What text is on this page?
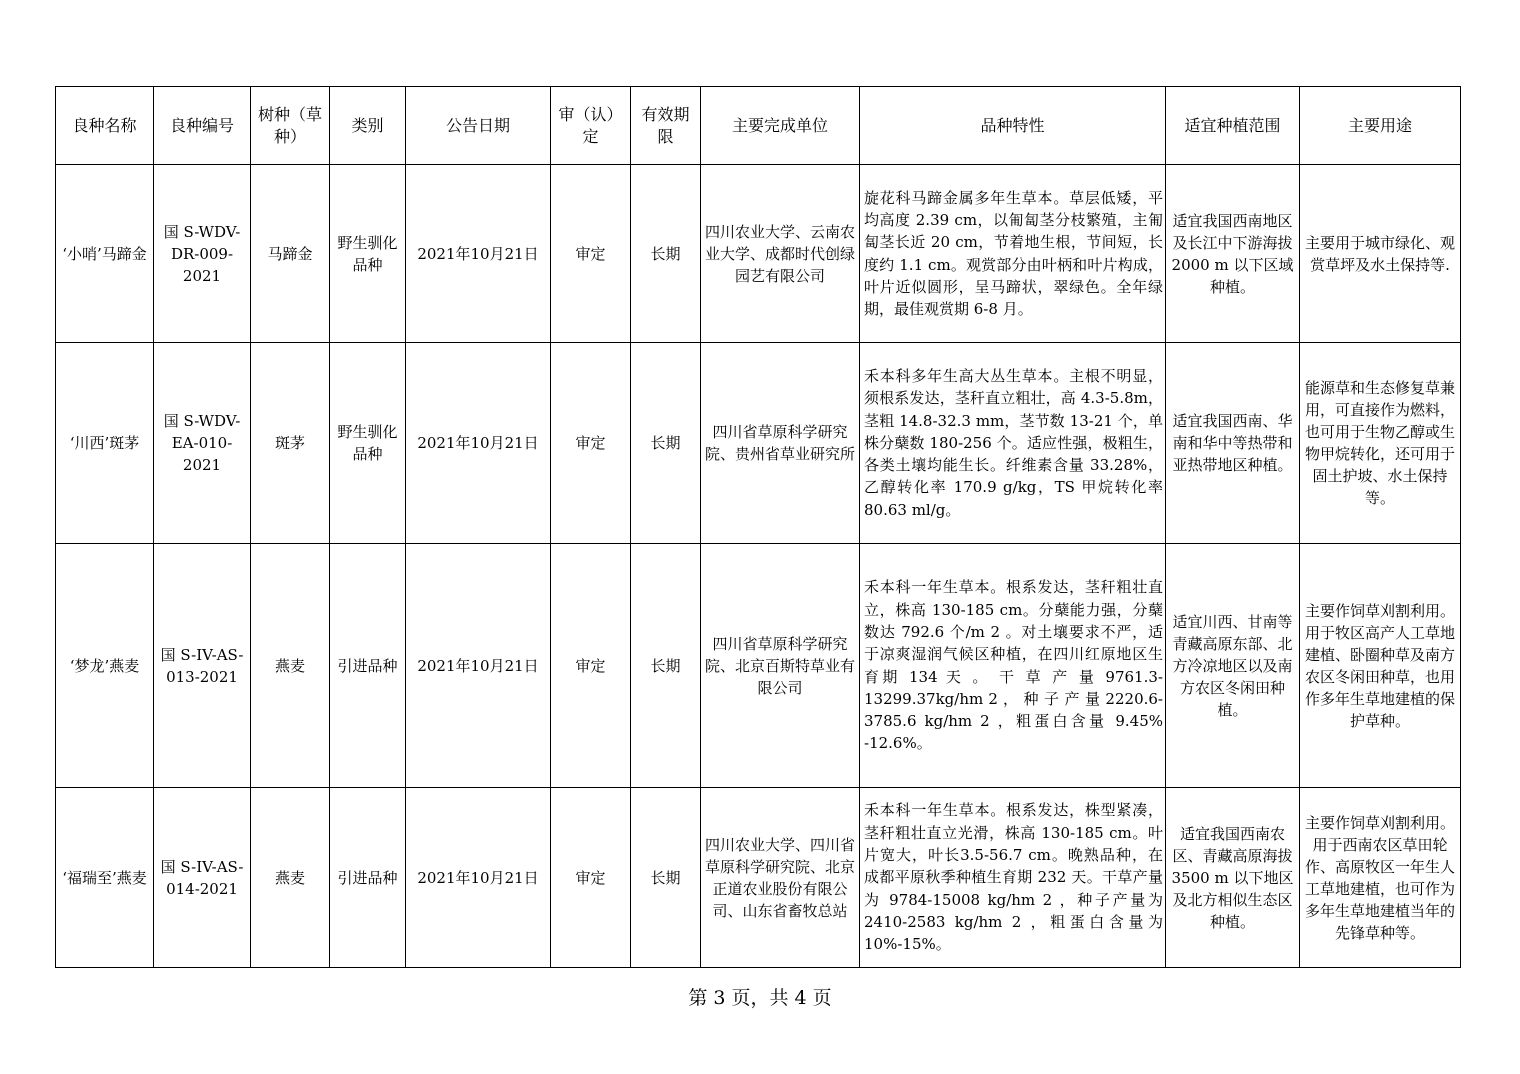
良种名称	良种编号	树种（草种）	类别	公告日期	审（认）定	有效期限	主要完成单位	品种特性	适宜种植范围	主要用途
‘小哨’马蹄金	国 S-WDV-DR-009-2021	马蹄金	野生驯化品种	2021年10月21日	审定	长期	四川农业大学、云南农业大学、成都时代创绿园艺有限公司	旋花科马蹄金属多年生草本。草层低矮，平均高度 2.39 cm，以匍匐茎分枝繁殖，主匍匐茎长近 20 cm，节着地生根，节间短，长度约 1.1 cm。观赏部分由叶柄和叶片构成，叶片近似圆形，呈马蹄状，翠绿色。全年绿期，最佳观赏期 6-8 月。	适宜我国西南地区及长江中下游海拔 2000 m 以下区域种植。	主要用于城市绿化、观赏草坪及水土保持等.
‘川西’斑茅	国 S-WDV-EA-010-2021	斑茅	野生驯化品种	2021年10月21日	审定	长期	四川省草原科学研究院、贵州省草业研究所	禾本科多年生高大丛生草本。主根不明显，须根系发达，茎秆直立粗壮，高 4.3-5.8m，茎粗 14.8-32.3 mm，茎节数 13-21 个，单株分蘖数 180-256 个。适应性强，极粗生，各类土壤均能生长。纤维素含量 33.28%，乙醇转化率 170.9 g/kg，TS 甲烷转化率 80.63 ml/g。	适宜我国西南、华南和华中等热带和亚热带地区种植。	能源草和生态修复草兼用，可直接作为燃料，也可用于生物乙醇或生物甲烷转化，还可用于固土护坡、水土保持等。
‘梦龙’燕麦	国 S-IV-AS-013-2021	燕麦	引进品种	2021年10月21日	审定	长期	四川省草原科学研究院、北京百斯特草业有限公司	禾本科一年生草本。根系发达，茎秆粗壮直立，株高 130-185 cm。分蘖能力强，分蘖数达 792.6 个/m 2 。对土壤要求不严，适于凉爽湿润气候区种植，在四川红原地区生育期 134 天 。 干 草 产 量 9761.3-13299.37kg/hm 2 ， 种 子 产 量 2220.6-3785.6 kg/hm 2 ，粗蛋白含量 9.45% -12.6%。	适宜川西、甘南等青藏高原东部、北方冷凉地区以及南方农区冬闲田种植。	主要作饲草刈割利用。用于牧区高产人工草地建植、卧圈种草及南方农区冬闲田种草，也用作多年生草地建植的保护草种。
‘福瑞至’燕麦	国 S-IV-AS-014-2021	燕麦	引进品种	2021年10月21日	审定	长期	四川农业大学、四川省草原科学研究院、北京正道农业股份有限公司、山东省畜牧总站	禾本科一年生草本。根系发达，株型紧凑，茎秆粗壮直立光滑，株高 130-185 cm。叶片宽大，叶长3.5-56.7 cm。晚熟品种，在成都平原秋季种植生育期 232 天。干草产量为 9784-15008 kg/hm 2 ，种子产量为 2410-2583 kg/hm 2 ，粗蛋白含量为 10%-15%。	适宜我国西南农区、青藏高原海拔 3500 m 以下地区及北方相似生态区种植。	主要作饲草刈割利用。用于西南农区草田轮作、高原牧区一年生人工草地建植，也可作为多年生草地建植当年的先锋草种等。
第 3 页，共 4 页
